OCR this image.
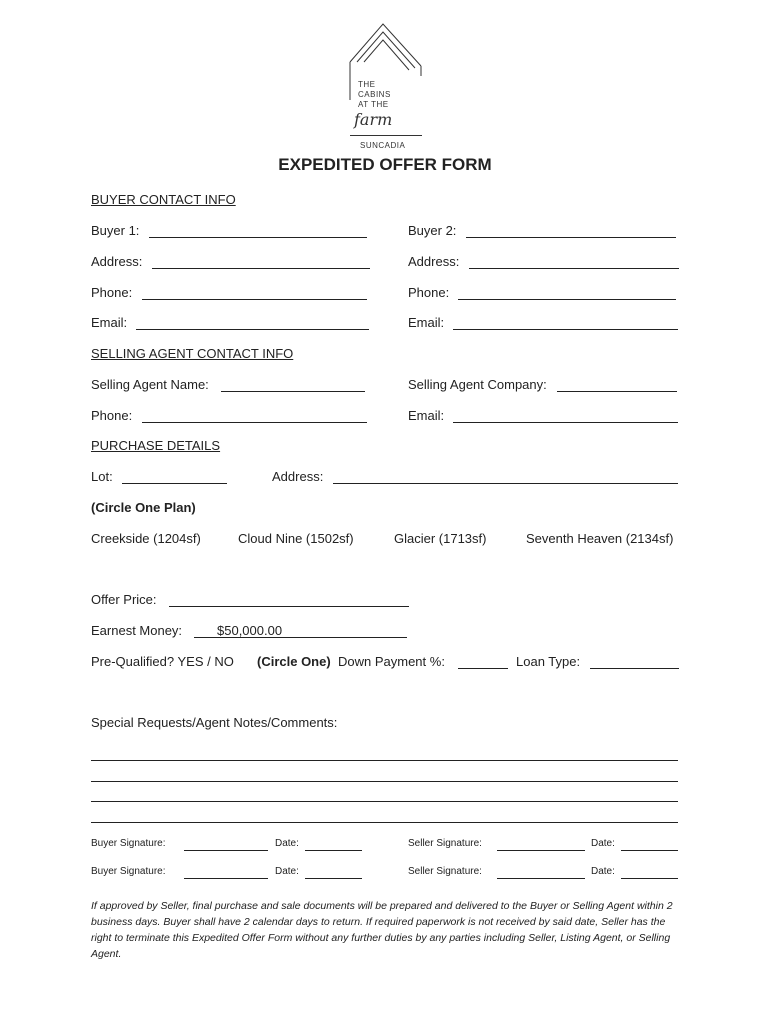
THE
CABINS
AT THE
farm
SUNCADIA
EXPEDITED OFFER FORM
BUYER CONTACT INFO
Buyer 1:	Buyer 2:
Address:	Address:
Phone:	Phone:
Email:	Email:
SELLING AGENT CONTACT INFO
Selling Agent Name:	Selling Agent Company:
Phone:	Email:
PURCHASE DETAILS
Lot:	Address:
(Circle One Plan)
Creekside (1204sf)	Cloud Nine (1502sf)	Glacier (1713sf)	Seventh Heaven (2134sf)
Offer Price:
Earnest Money:	$50,000.00
Pre-Qualified? YES / NO (Circle One) Down Payment %:	Loan Type:
Special Requests/Agent Notes/Comments:
Buyer Signature:	Date:	Seller Signature:	Date:
Buyer Signature:	Date:	Seller Signature:	Date:
If approved by Seller, final purchase and sale documents will be prepared and delivered to the Buyer or Selling Agent within 2 business days. Buyer shall have 2 calendar days to return. If required paperwork is not received by said date, Seller has the right to terminate this Expedited Offer Form without any further duties by any parties including Seller, Listing Agent, or Selling Agent.
